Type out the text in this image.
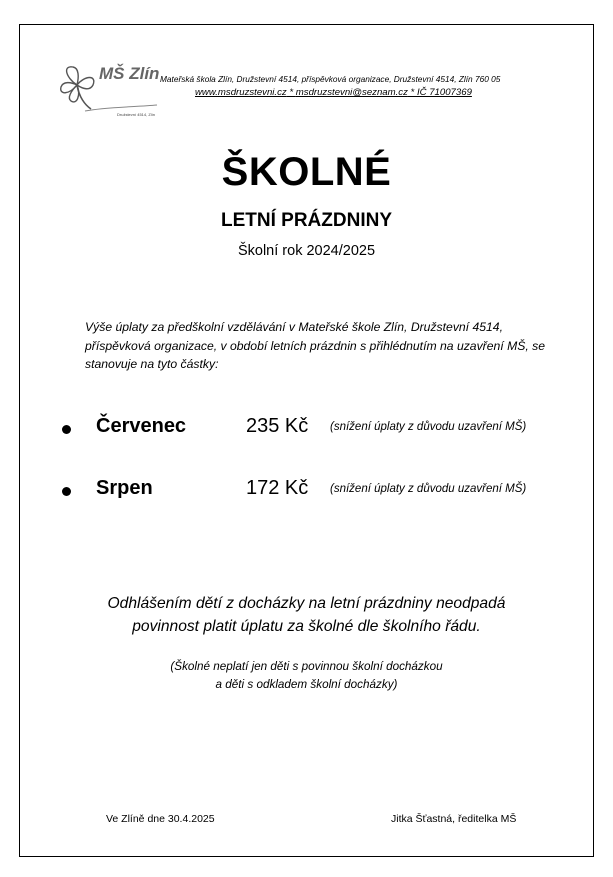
MŠ Zlín
Družstevní 4514, Zlín
Mateřská škola Zlín, Družstevní 4514, příspěvková organizace, Družstevní 4514, Zlín 760 05
www.msdruzstevni.cz * msdruzstevni@seznam.cz * IČ 71007369
ŠKOLNÉ
LETNÍ PRÁZDNINY
Školní rok 2024/2025
Výše úplaty za předškolní vzdělávání v Mateřské škole Zlín, Družstevní 4514, příspěvková organizace, v období letních prázdnin s přihlédnutím na uzavření MŠ, se stanovuje na tyto částky:
Červenec	235 Kč (snížení úplaty z důvodu uzavření MŠ)
Srpen	172 Kč (snížení úplaty z důvodu uzavření MŠ)
Odhlášením dětí z docházky na letní prázdniny neodpadá
povinnost platit úplatu za školné dle školního řádu.
(Školné neplatí jen děti s povinnou školní docházkou
a děti s odkladem školní docházky)
Ve Zlíně dne 30.4.2025	Jitka Šťastná, ředitelka MŠ
